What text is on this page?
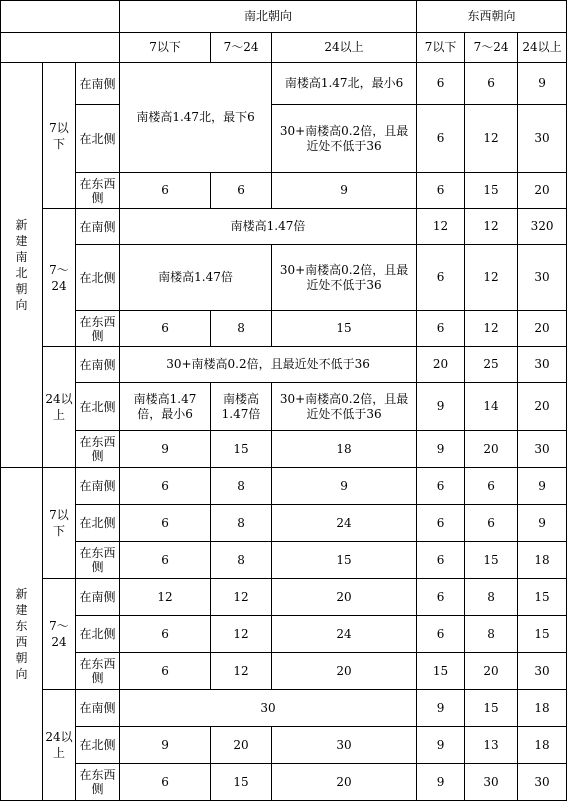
			南北朝向			东西朝向		
			7以下	7～24	24以上	7以下	7～24	24以上
新建南北朝向	7以下	在南侧	南楼高1.47北，最下6		南楼高1.47北，最小6	6	6	9
		在北侧			30+南楼高0.2倍，且最近处不低于36	6	12	30
		在东西侧	6	6	9	6	15	20
	7～24	在南侧	南楼高1.47倍			12	12	320
		在北侧	南楼高1.47倍		30+南楼高0.2倍，且最近处不低于36	6	12	30
		在东西侧	6	8	15	6	12	20
	24以上	在南侧	30+南楼高0.2倍，且最近处不低于36			20	25	30
		在北侧	南楼高1.47倍，最小6	南楼高1.47倍	30+南楼高0.2倍，且最近处不低于36	9	14	20
		在东西侧	9	15	18	9	20	30
新建东西朝向	7以下	在南侧	6	8	9	6	6	9
		在北侧	6	8	24	6	6	9
		在东西侧	6	8	15	6	15	18
	7～24	在南侧	12	12	20	6	8	15
		在北侧	6	12	24	6	8	15
		在东西侧	6	12	20	15	20	30
	24以上	在南侧	30			9	15	18
		在北侧	9	20	30	9	13	18
		在东西侧	6	15	20	9	30	30
